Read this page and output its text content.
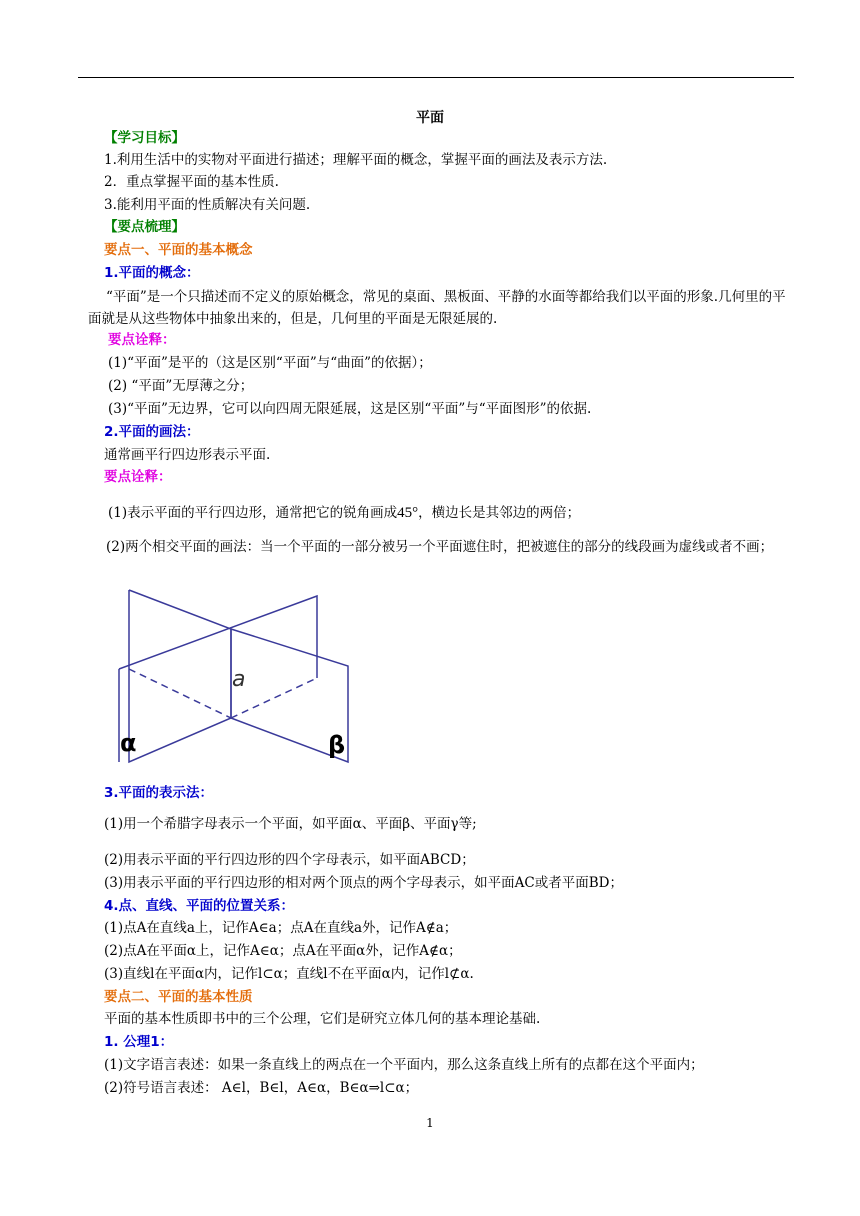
平面
【学习目标】
1.利用生活中的实物对平面进行描述；理解平面的概念，掌握平面的画法及表示方法.
2．重点掌握平面的基本性质.
3.能利用平面的性质解决有关问题.
【要点梳理】
要点一、平面的基本概念
1.平面的概念：
“平面”是一个只描述而不定义的原始概念，常见的桌面、黑板面、平静的水面等都给我们以平面的形象.几何里的平面就是从这些物体中抽象出来的，但是，几何里的平面是无限延展的.
要点诠释：
(1)“平面”是平的（这是区别“平面”与“曲面”的依据）；
(2) “平面”无厚薄之分；
(3)“平面”无边界，它可以向四周无限延展，这是区别“平面”与“平面图形”的依据.
2.平面的画法：
通常画平行四边形表示平面.
要点诠释：
(1)表示平面的平行四边形，通常把它的锐角画成45°，横边长是其邻边的两倍；
(2)两个相交平面的画法：当一个平面的一部分被另一个平面遮住时，把被遮住的部分的线段画为虚线或者不画；
a
α	β
3.平面的表示法：
(1)用一个希腊字母表示一个平面，如平面α、平面β、平面γ等;
(2)用表示平面的平行四边形的四个字母表示，如平面ABCD；
(3)用表示平面的平行四边形的相对两个顶点的两个字母表示，如平面AC或者平面BD；
4.点、直线、平面的位置关系：
(1)点A在直线a上，记作A∈a；点A在直线a外，记作A∉a；
(2)点A在平面α上，记作A∈α；点A在平面α外，记作A∉α；
(3)直线l在平面α内，记作l⊂α；直线l不在平面α内，记作l⊄α.
要点二、平面的基本性质
平面的基本性质即书中的三个公理，它们是研究立体几何的基本理论基础.
1. 公理1：
(1)文字语言表述：如果一条直线上的两点在一个平面内，那么这条直线上所有的点都在这个平面内；
(2)符号语言表述： A∈l，B∈l，A∈α，B∈α⇒l⊂α；
1
